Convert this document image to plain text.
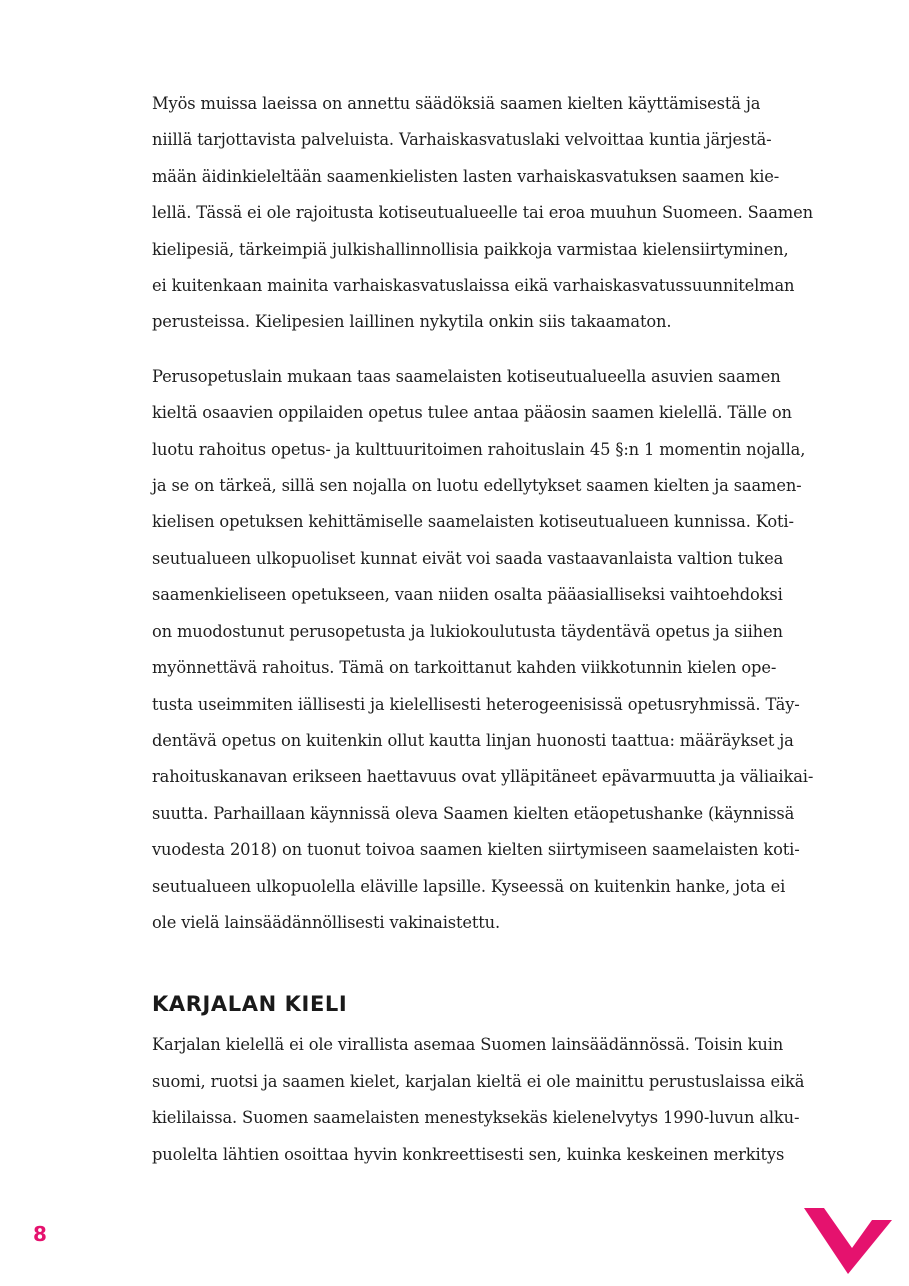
Myös muissa laeissa on annettu säädöksiä saamen kielten käyttämisestä ja
niillä tarjottavista palveluista. Varhaiskasvatuslaki velvoittaa kuntia järjestä-
mään äidinkieleltään saamenkielisten lasten varhaiskasvatuksen saamen kie-
lellä. Tässä ei ole rajoitusta kotiseutualueelle tai eroa muuhun Suomeen. Saamen
kielipesiä, tärkeimpiä julkishallinnollisia paikkoja varmistaa kielensiirtyminen,
ei kuitenkaan mainita varhaiskasvatuslaissa eikä varhaiskasvatussuunnitelman
perusteissa. Kielipesien laillinen nykytila onkin siis takaamaton.
Perusopetuslain mukaan taas saamelaisten kotiseutualueella asuvien saamen
kieltä osaavien oppilaiden opetus tulee antaa pääosin saamen kielellä. Tälle on
luotu rahoitus opetus- ja kulttuuritoimen rahoituslain 45 §:n 1 momentin nojalla,
ja se on tärkeä, sillä sen nojalla on luotu edellytykset saamen kielten ja saamen-
kielisen opetuksen kehittämiselle saamelaisten kotiseutualueen kunnissa. Koti-
seutualueen ulkopuoliset kunnat eivät voi saada vastaavanlaista valtion tukea
saamenkieliseen opetukseen, vaan niiden osalta pääasialliseksi vaihtoehdoksi
on muodostunut perusopetusta ja lukiokoulutusta täydentävä opetus ja siihen
myönnettävä rahoitus. Tämä on tarkoittanut kahden viikkotunnin kielen ope-
tusta useimmiten iällisesti ja kielellisesti heterogeenisissä opetusryhmissä. Täy-
dentävä opetus on kuitenkin ollut kautta linjan huonosti taattua: määräykset ja
rahoituskanavan erikseen haettavuus ovat ylläpitäneet epävarmuutta ja väliaikai-
suutta. Parhaillaan käynnissä oleva Saamen kielten etäopetushanke (käynnissä
vuodesta 2018) on tuonut toivoa saamen kielten siirtymiseen saamelaisten koti-
seutualueen ulkopuolella eläville lapsille. Kyseessä on kuitenkin hanke, jota ei
ole vielä lainsäädännöllisesti vakinaistettu.
KARJALAN KIELI
Karjalan kielellä ei ole virallista asemaa Suomen lainsäädännössä. Toisin kuin
suomi, ruotsi ja saamen kielet, karjalan kieltä ei ole mainittu perustuslaissa eikä
kielilaissa. Suomen saamelaisten menestyksekäs kielenelvytys 1990-luvun alku-
puolelta lähtien osoittaa hyvin konkreettisesti sen, kuinka keskeinen merkitys
8
